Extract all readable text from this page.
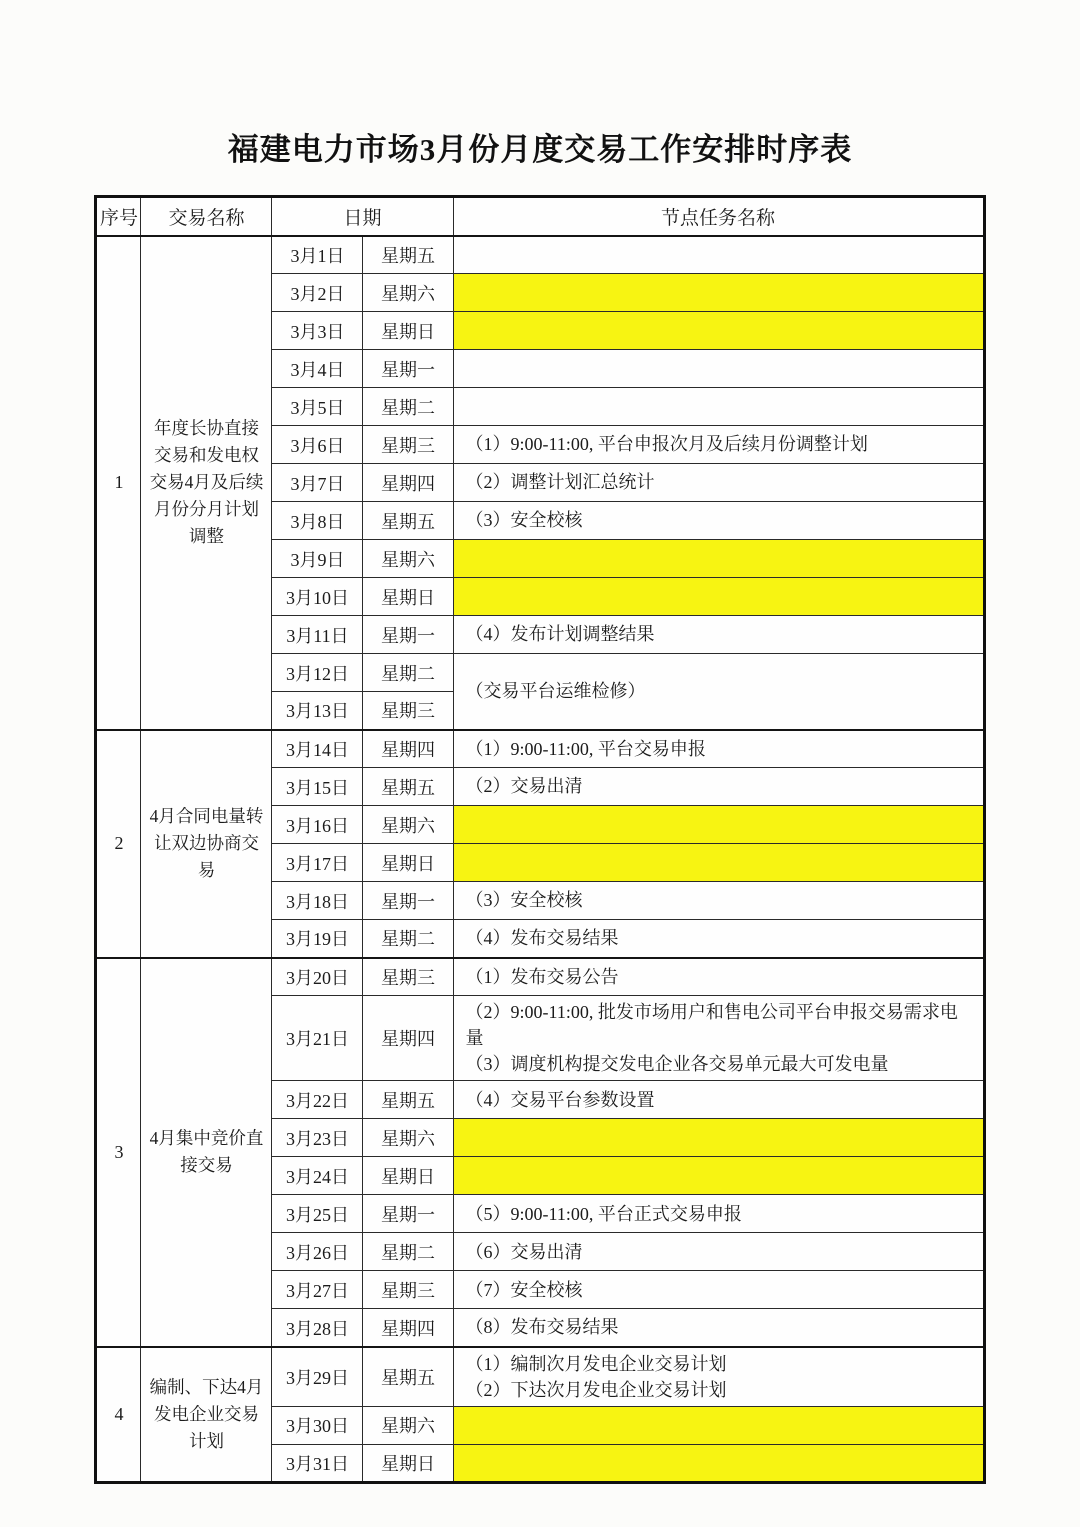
福建电力市场3月份月度交易工作安排时序表
序号	交易名称	日期		节点任务名称
1	年度长协直接交易和发电权交易4月及后续月份分月计划调整	3月1日	星期五	
		3月2日	星期六	
		3月3日	星期日	
		3月4日	星期一	
		3月5日	星期二	
		3月6日	星期三	（1）9:00-11:00, 平台申报次月及后续月份调整计划

		3月7日	星期四	（2）调整计划汇总统计

		3月8日	星期五	（3）安全校核

		3月9日	星期六	
		3月10日	星期日	
		3月11日	星期一	（4）发布计划调整结果

		3月12日	星期二	（交易平台运维检修）

		3月13日	星期三	
2	4月合同电量转让双边协商交易	3月14日	星期四	（1）9:00-11:00, 平台交易申报

		3月15日	星期五	（2）交易出清

		3月16日	星期六	
		3月17日	星期日	
		3月18日	星期一	（3）安全校核

		3月19日	星期二	（4）发布交易结果

3	4月集中竞价直接交易	3月20日	星期三	（1）发布交易公告

		3月21日	星期四	（2）9:00-11:00, 批发市场用户和售电公司平台申报交易需求电量
（3）调度机构提交发电企业各交易单元最大可发电量

		3月22日	星期五	（4）交易平台参数设置

		3月23日	星期六	
		3月24日	星期日	
		3月25日	星期一	（5）9:00-11:00, 平台正式交易申报

		3月26日	星期二	（6）交易出清

		3月27日	星期三	（7）安全校核

		3月28日	星期四	（8）发布交易结果

4	编制、下达4月发电企业交易计划	3月29日	星期五	（1）编制次月发电企业交易计划
（2）下达次月发电企业交易计划

		3月30日	星期六	
		3月31日	星期日	
